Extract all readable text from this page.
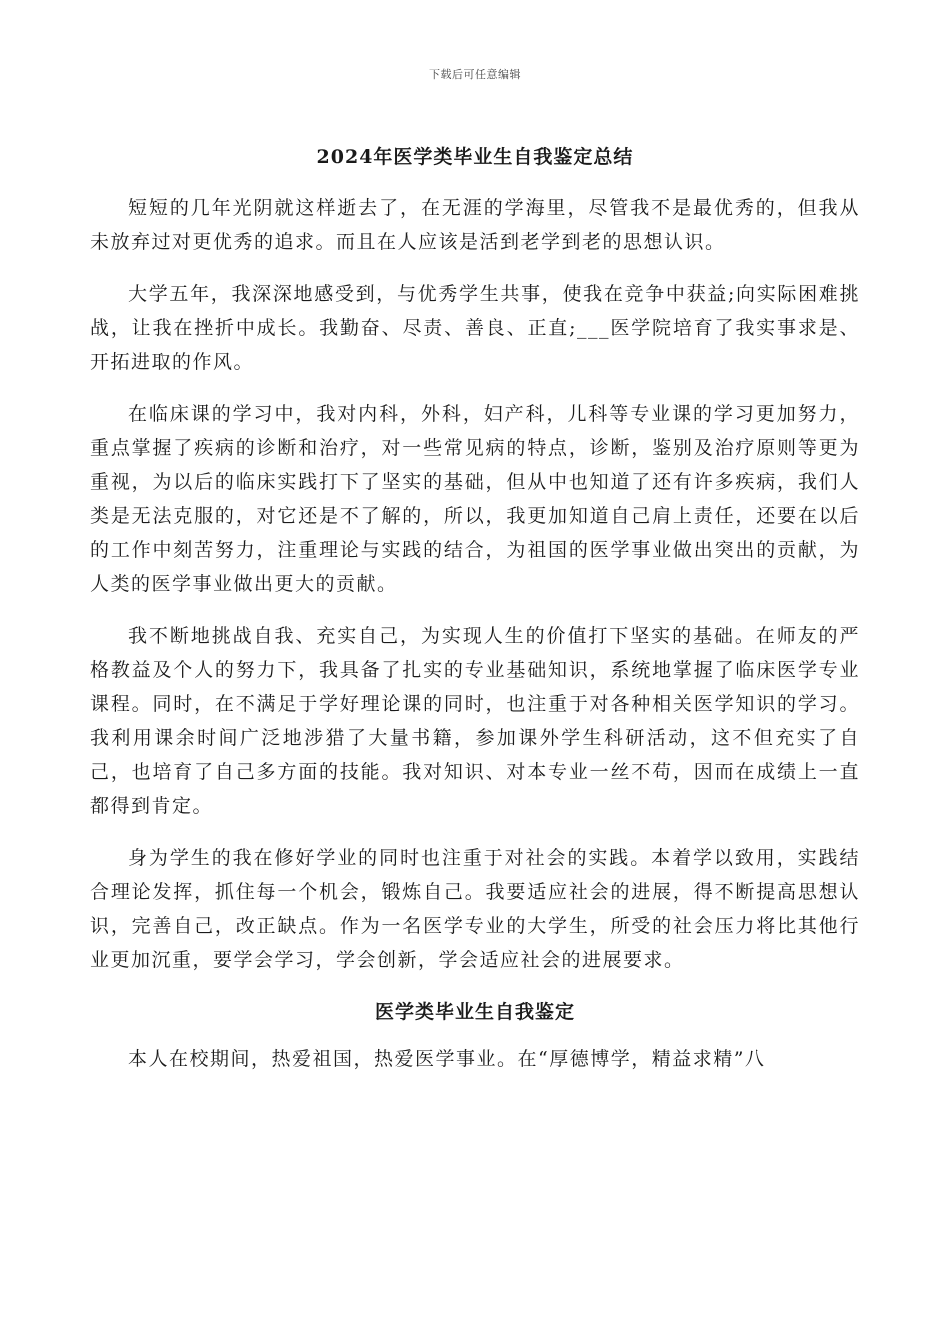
下载后可任意编辑
2024年医学类毕业生自我鉴定总结

短短的几年光阴就这样逝去了，在无涯的学海里，尽管我不是最优秀的，但我从未放弃过对更优秀的追求。而且在人应该是活到老学到老的思想认识。

大学五年，我深深地感受到，与优秀学生共事，使我在竞争中获益;向实际困难挑战，让我在挫折中成长。我勤奋、尽责、善良、正直;___医学院培育了我实事求是、开拓进取的作风。

在临床课的学习中，我对内科，外科，妇产科，儿科等专业课的学习更加努力，重点掌握了疾病的诊断和治疗，对一些常见病的特点，诊断，鉴别及治疗原则等更为重视，为以后的临床实践打下了坚实的基础，但从中也知道了还有许多疾病，我们人类是无法克服的，对它还是不了解的，所以，我更加知道自己肩上责任，还要在以后的工作中刻苦努力，注重理论与实践的结合，为祖国的医学事业做出突出的贡献，为人类的医学事业做出更大的贡献。

我不断地挑战自我、充实自己，为实现人生的价值打下坚实的基础。在师友的严格教益及个人的努力下，我具备了扎实的专业基础知识，系统地掌握了临床医学专业课程。同时，在不满足于学好理论课的同时，也注重于对各种相关医学知识的学习。我利用课余时间广泛地涉猎了大量书籍，参加课外学生科研活动，这不但充实了自己，也培育了自己多方面的技能。我对知识、对本专业一丝不苟，因而在成绩上一直都得到肯定。

身为学生的我在修好学业的同时也注重于对社会的实践。本着学以致用，实践结合理论发挥，抓住每一个机会，锻炼自己。我要适应社会的进展，得不断提高思想认识，完善自己，改正缺点。作为一名医学专业的大学生，所受的社会压力将比其他行业更加沉重，要学会学习，学会创新，学会适应社会的进展要求。

医学类毕业生自我鉴定

本人在校期间，热爱祖国，热爱医学事业。在“厚德博学，精益求精”八
